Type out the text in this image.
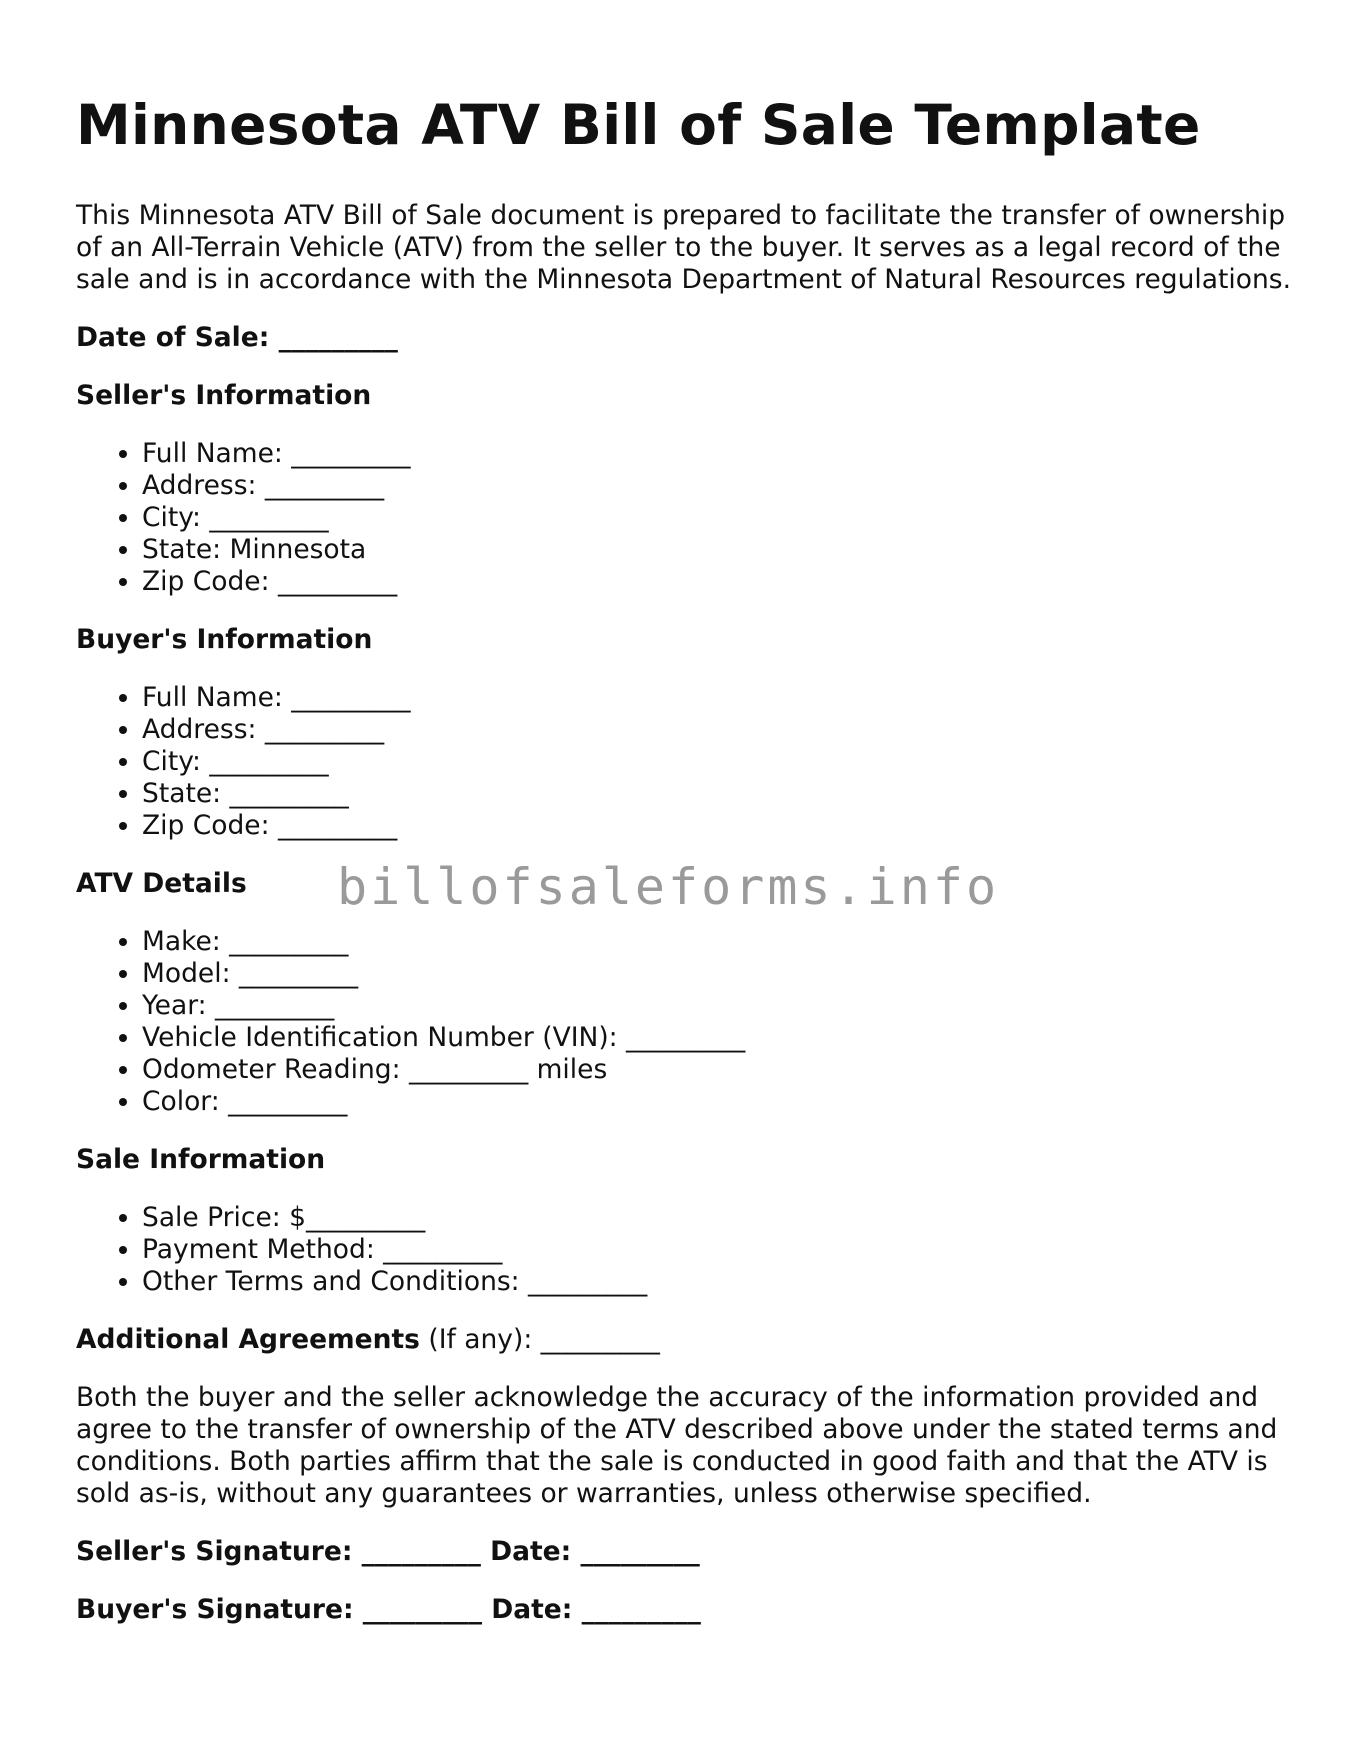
Minnesota ATV Bill of Sale Template

This Minnesota ATV Bill of Sale document is prepared to facilitate the transfer of ownership of an All-Terrain Vehicle (ATV) from the seller to the buyer. It serves as a legal record of the sale and is in accordance with the Minnesota Department of Natural Resources regulations.

Date of Sale: _________

Seller's Information

• Full Name: _________
• Address: _________
• City: _________
• State: Minnesota
• Zip Code: _________

Buyer's Information

• Full Name: _________
• Address: _________
• City: _________
• State: _________
• Zip Code: _________

ATV Details

• Make: _________
• Model: _________
• Year: _________
• Vehicle Identification Number (VIN): _________
• Odometer Reading: _________ miles
• Color: _________

Sale Information

• Sale Price: $_________
• Payment Method: _________
• Other Terms and Conditions: _________

Additional Agreements (If any): _________

Both the buyer and the seller acknowledge the accuracy of the information provided and agree to the transfer of ownership of the ATV described above under the stated terms and conditions. Both parties affirm that the sale is conducted in good faith and that the ATV is sold as-is, without any guarantees or warranties, unless otherwise specified.

Seller's Signature: _________ Date: _________

Buyer's Signature: _________ Date: _________

billofsaleforms.info
